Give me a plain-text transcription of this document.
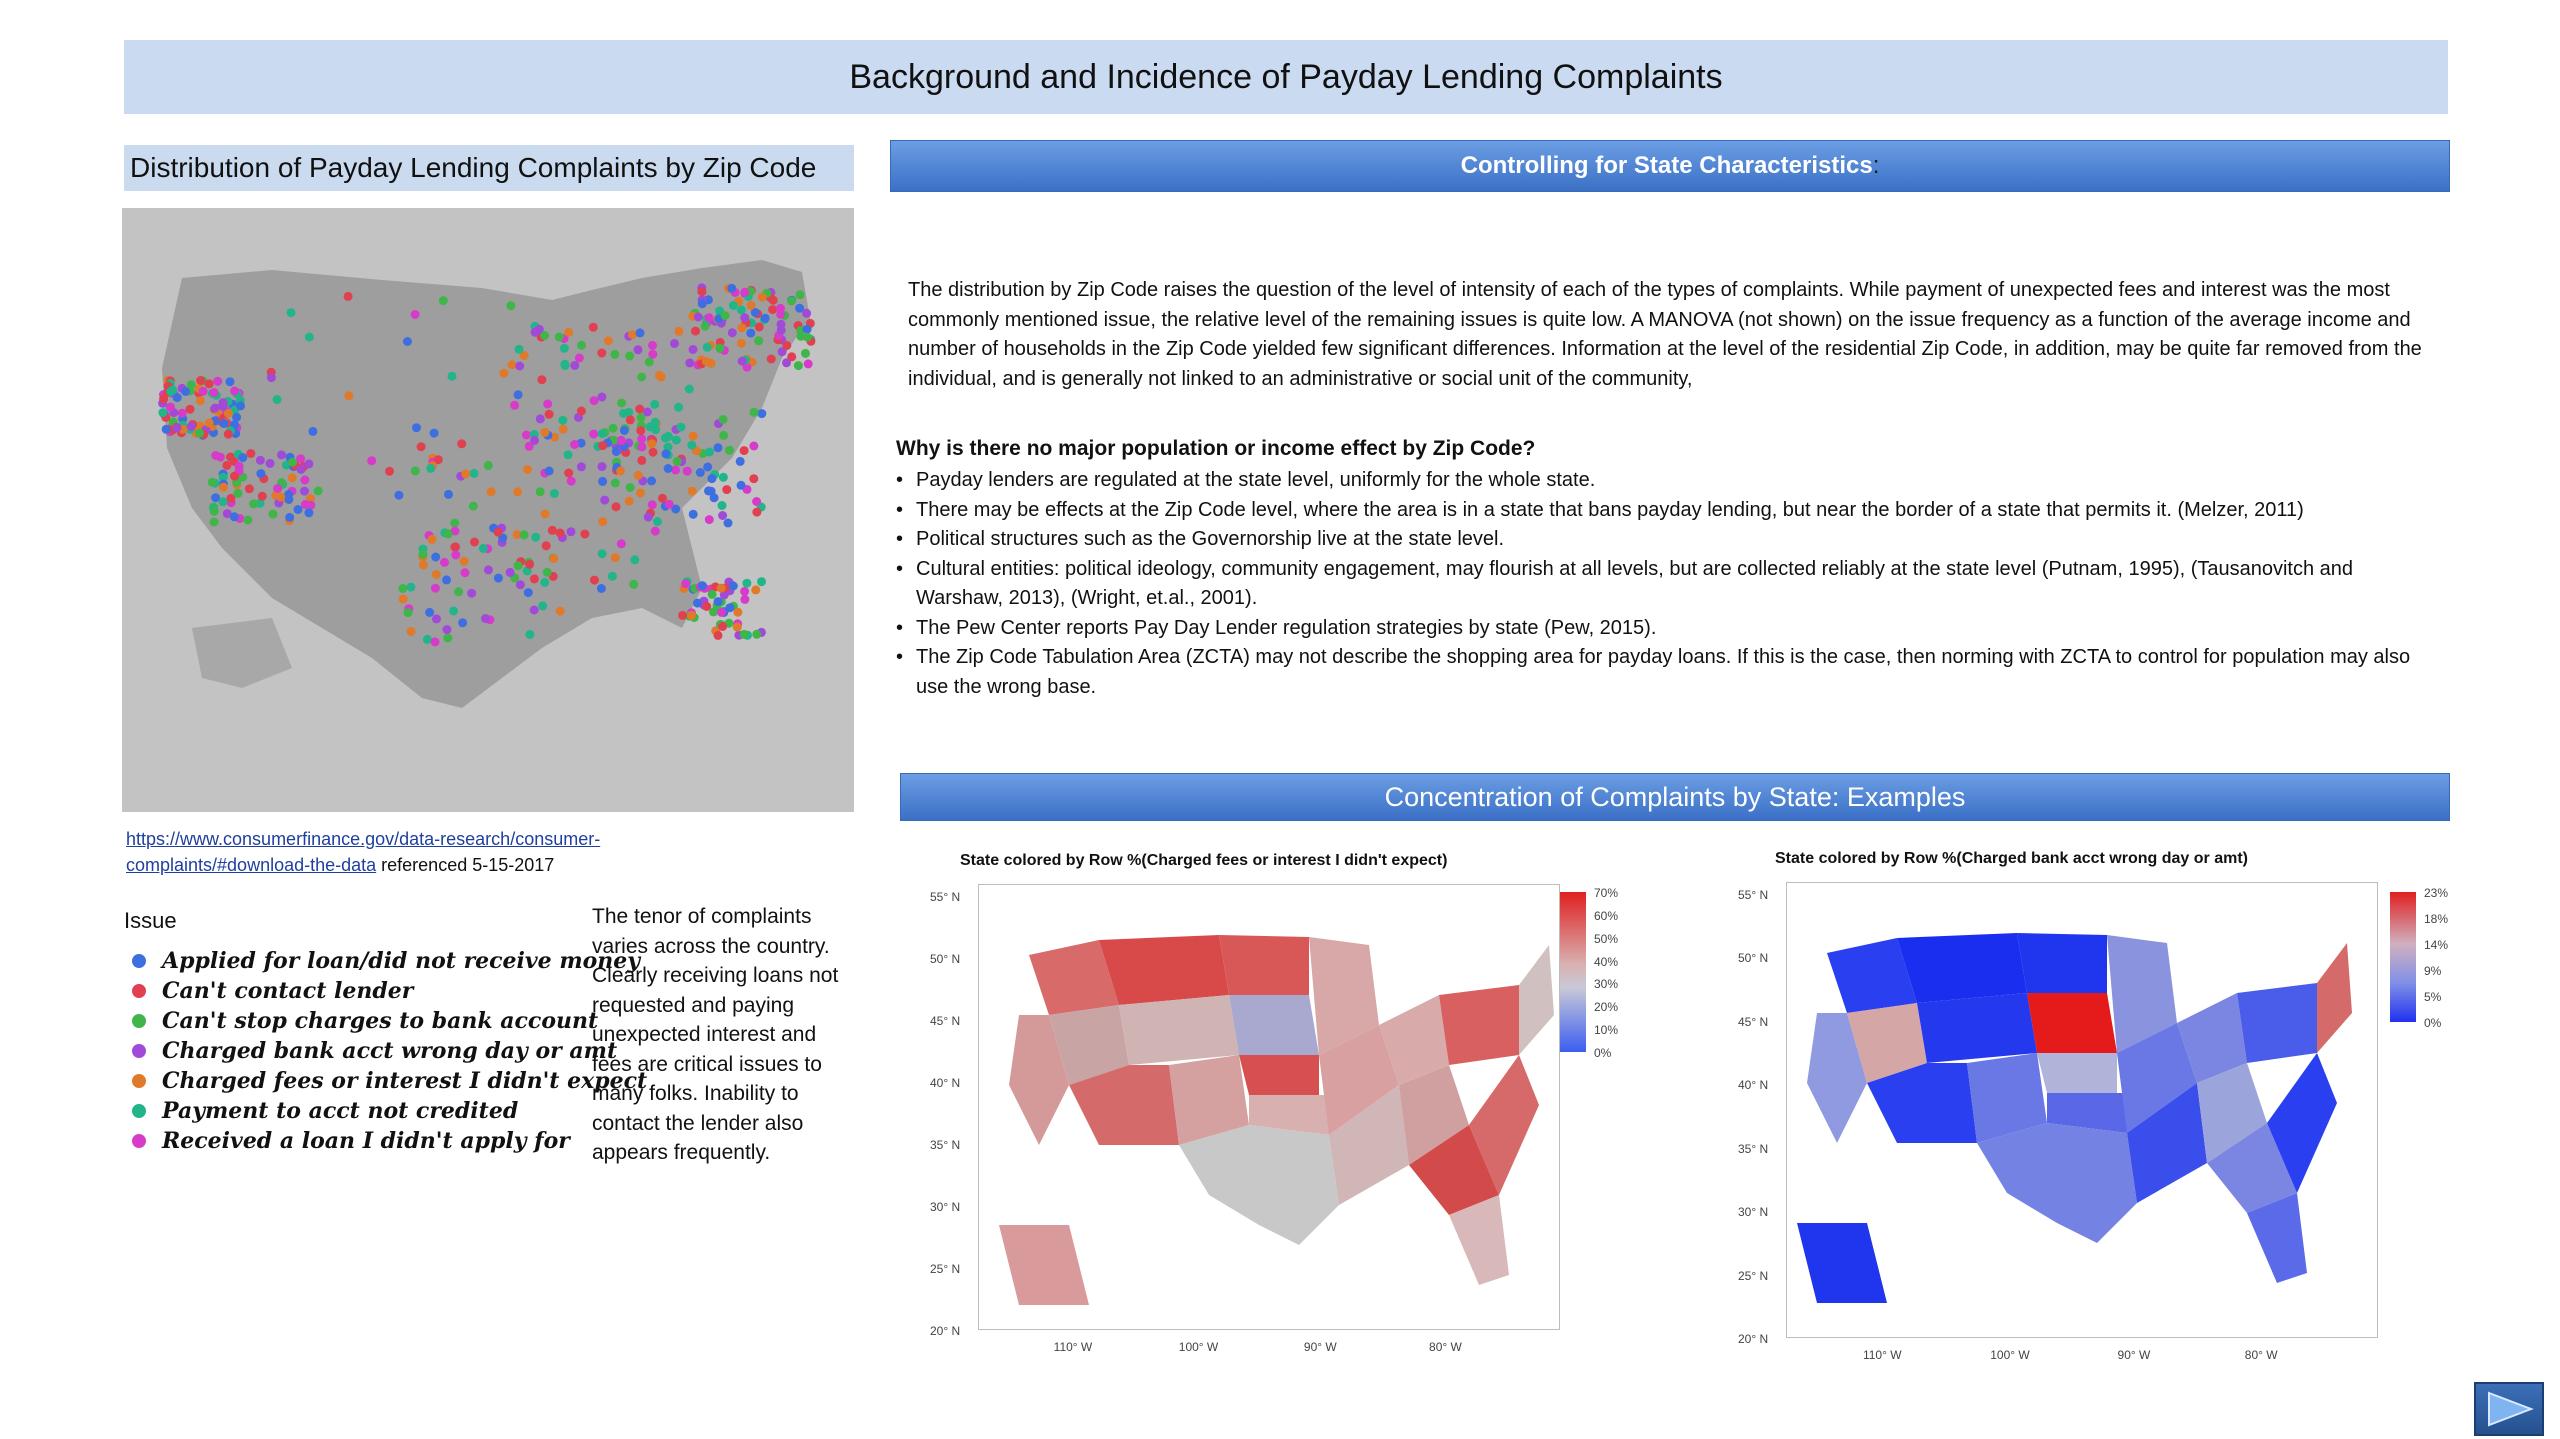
Background and Incidence of Payday Lending Complaints
Distribution of Payday Lending Complaints by Zip Code	Controlling for State Characteristics :
https://www.consumerfinance.gov/data-research/consumer-
complaints/#download-the-data referenced 5-15-2017
Issue
Applied for loan/did not receive money
Can't contact lender
Can't stop charges to bank account
Charged bank acct wrong day or amt
Charged fees or interest I didn't expect
Payment to acct not credited
Received a loan I didn't apply for
The tenor of complaints varies across the country. Clearly receiving loans not requested and paying unexpected interest and fees are critical issues to many folks. Inability to contact the lender also appears frequently.
The distribution by Zip Code raises the question of the level of intensity of each of the types of complaints. While payment of unexpected fees and interest was the most commonly mentioned issue, the relative level of the remaining issues is quite low. A MANOVA (not shown) on the issue frequency as a function of the average income and number of households in the Zip Code yielded few significant differences. Information at the level of the residential Zip Code, in addition, may be quite far removed from the individual, and is generally not linked to an administrative or social unit of the community,
Why is there no major population or income effect by Zip Code?
• Payday lenders are regulated at the state level, uniformly for the whole state.
• There may be effects at the Zip Code level, where the area is in a state that bans payday lending, but near the border of a state that permits it. (Melzer, 2011)
• Political structures such as the Governorship live at the state level.
• Cultural entities: political ideology, community engagement, may flourish at all levels, but are collected reliably at the state level (Putnam, 1995), (Tausanovitch and Warshaw, 2013), (Wright, et.al., 2001).
• The Pew Center reports Pay Day Lender regulation strategies by state (Pew, 2015).
• The Zip Code Tabulation Area (ZCTA) may not describe the shopping area for payday loans. If this is the case, then norming with ZCTA to control for population may also use the wrong base.
Concentration of Complaints by State: Examples
State colored by Row %(Charged fees or interest I didn't expect)
55° N
50° N
45° N
40° N
35° N
30° N
25° N
20° N
110° W	100° W	90° W	80° W
70%
60%
50%
40%
30%
20%
10%
0%
State colored by Row %(Charged bank acct wrong day or amt)
55° N
50° N
45° N
40° N
35° N
30° N
25° N
20° N
110° W	100° W	90° W	80° W
23%
18%
14%
9%
5%
0%
